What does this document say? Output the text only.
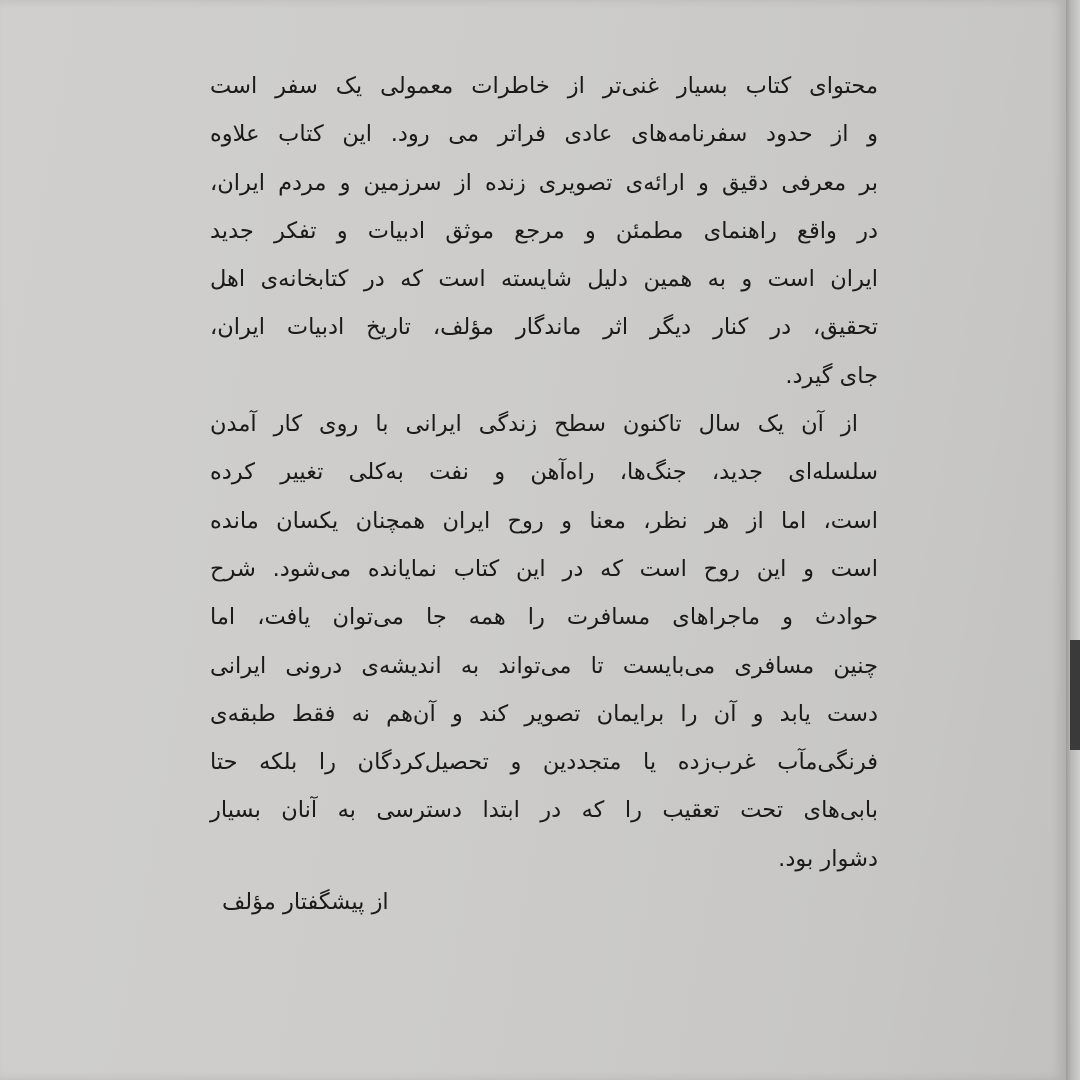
محتوای کتاب بسیار غنی‌تر از خاطرات معمولی یک سفر است
و از حدود سفرنامه‌های عادی فراتر می رود. این کتاب علاوه
بر معرفی دقیق و ارائه‌ی تصویری زنده از سرزمین و مردم ایران،
در واقع راهنمای مطمئن و مرجع موثق ادبیات و تفکر جدید
ایران است و به همین دلیل شایسته است که در کتابخانه‌ی اهل
تحقیق، در کنار دیگر اثر ماندگار مؤلف، تاریخ ادبیات ایران،
جای گیرد.
از آن یک سال تاکنون سطح زندگی ایرانی با روی کار آمدن
سلسله‌ای جدید، جنگ‌ها، راه‌آهن و نفت به‌کلی تغییر کرده
است، اما از هر نظر، معنا و روح ایران همچنان یکسان مانده
است و این روح است که در این کتاب نمایانده می‌شود. شرح
حوادث و ماجراهای مسافرت را همه جا می‌توان یافت، اما
چنین مسافری می‌بایست تا می‌تواند به اندیشه‌ی درونی ایرانی
دست یابد و آن را برایمان تصویر کند و آن‌هم نه فقط طبقه‌ی
فرنگی‌مآب غرب‌زده یا متجددین و تحصیل‌کردگان را بلکه حتا
بابی‌های تحت تعقیب را که در ابتدا دسترسی به آنان بسیار
دشوار بود.
از پیشگفتار مؤلف
